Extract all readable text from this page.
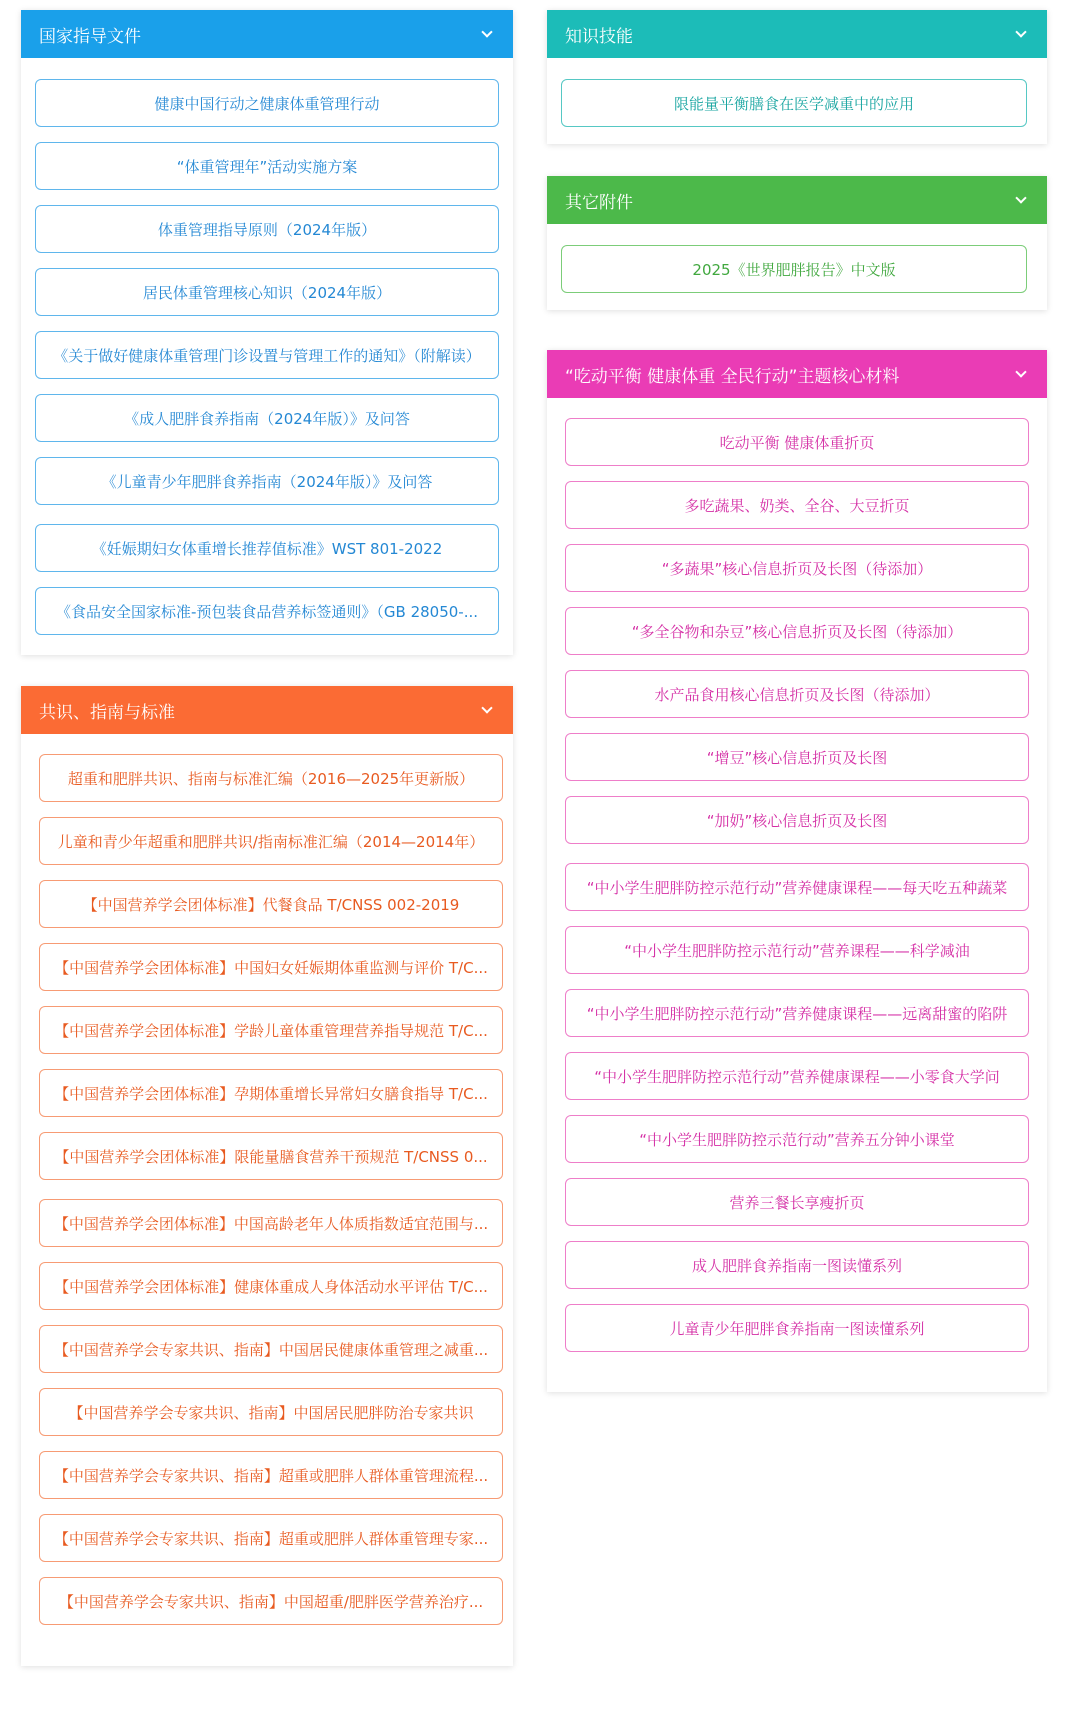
国家指导文件
健康中国行动之健康体重管理行动
“体重管理年”活动实施方案
体重管理指导原则（2024年版）
居民体重管理核心知识（2024年版）
《关于做好健康体重管理门诊设置与管理工作的通知》（附解读）
《成人肥胖食养指南（2024年版）》及问答
《儿童青少年肥胖食养指南（2024年版）》及问答
《妊娠期妇女体重增长推荐值标准》WST 801-2022
《食品安全国家标准-预包装食品营养标签通则》（GB 28050-...
共识、指南与标准
超重和肥胖共识、指南与标准汇编（2016—2025年更新版）
儿童和青少年超重和肥胖共识/指南标准汇编（2014—2014年）
【中国营养学会团体标准】代餐食品 T/CNSS 002-2019
【中国营养学会团体标准】中国妇女妊娠期体重监测与评价 T/C...
【中国营养学会团体标准】学龄儿童体重管理营养指导规范 T/C...
【中国营养学会团体标准】孕期体重增长异常妇女膳食指导 T/C...
【中国营养学会团体标准】限能量膳食营养干预规范 T/CNSS 0...
【中国营养学会团体标准】中国高龄老年人体质指数适宜范围与...
【中国营养学会团体标准】健康体重成人身体活动水平评估 T/C...
【中国营养学会专家共识、指南】中国居民健康体重管理之减重...
【中国营养学会专家共识、指南】中国居民肥胖防治专家共识
【中国营养学会专家共识、指南】超重或肥胖人群体重管理流程...
【中国营养学会专家共识、指南】超重或肥胖人群体重管理专家...
【中国营养学会专家共识、指南】中国超重/肥胖医学营养治疗...
知识技能
限能量平衡膳食在医学减重中的应用
其它附件
2025《世界肥胖报告》中文版
“吃动平衡 健康体重 全民行动”主题核心材料
吃动平衡 健康体重折页
多吃蔬果、奶类、全谷、大豆折页
“多蔬果”核心信息折页及长图（待添加）
“多全谷物和杂豆”核心信息折页及长图（待添加）
水产品食用核心信息折页及长图（待添加）
“增豆”核心信息折页及长图
“加奶”核心信息折页及长图
“中小学生肥胖防控示范行动”营养健康课程——每天吃五种蔬菜
“中小学生肥胖防控示范行动”营养课程——科学减油
“中小学生肥胖防控示范行动”营养健康课程——远离甜蜜的陷阱
“中小学生肥胖防控示范行动”营养健康课程——小零食大学问
“中小学生肥胖防控示范行动”营养五分钟小课堂
营养三餐长享瘦折页
成人肥胖食养指南一图读懂系列
儿童青少年肥胖食养指南一图读懂系列
